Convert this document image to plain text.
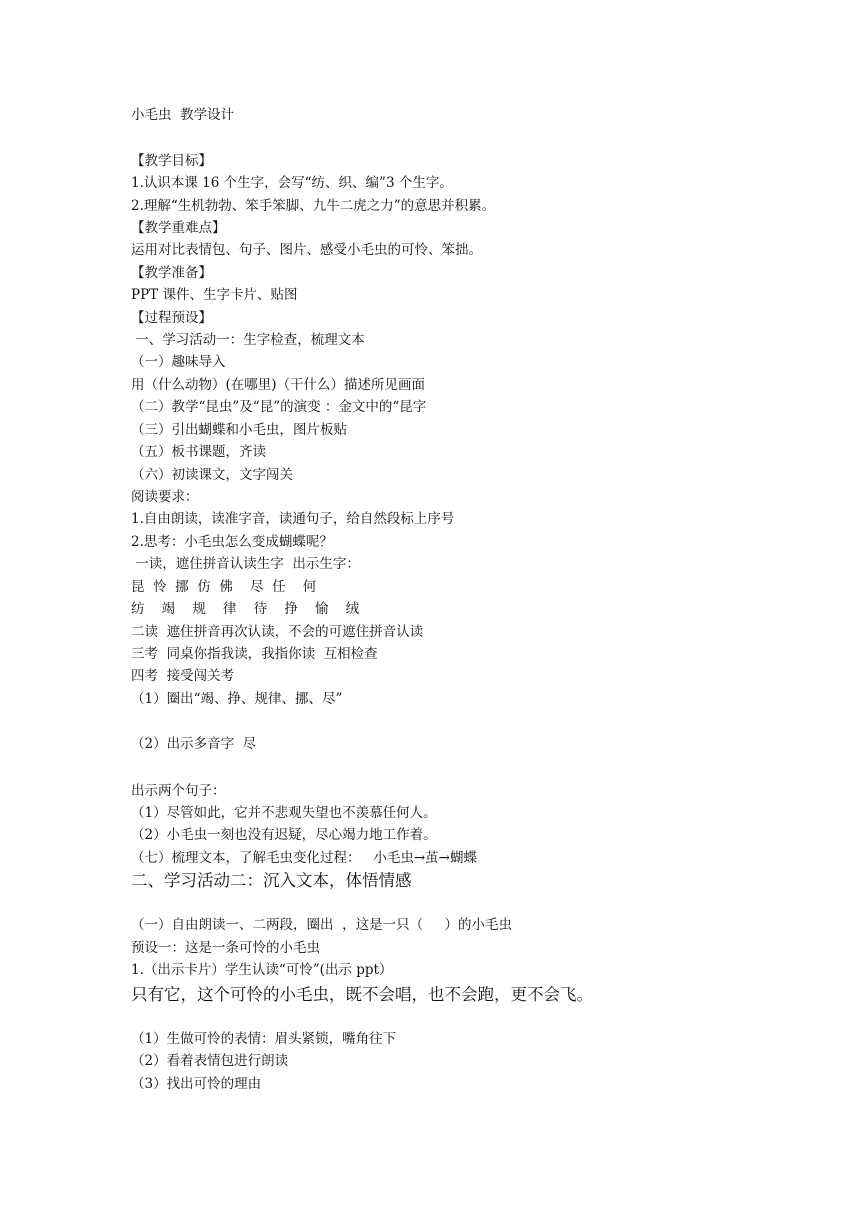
小毛虫  教学设计
【教学目标】
1.认识本课 16 个生字，会写“纺、织、编”3 个生字。
2.理解“生机勃勃、笨手笨脚、九牛二虎之力”的意思并积累。
【教学重难点】
运用对比表情包、句子、图片、感受小毛虫的可怜、笨拙。
【教学准备】
PPT 课件、生字卡片、贴图
【过程预设】
一、学习活动一：生字检查，梳理文本
（一）趣味导入
用（什么动物）(在哪里)（干什么）描述所见画面
（二）教学“昆虫”及“昆”的演变 ：金文中的“昆字
（三）引出蝴蝶和小毛虫，图片板贴
（五）板书课题，齐读
（六）初读课文，文字闯关
阅读要求：
1.自由朗读，读准字音，读通句子，给自然段标上序号
2.思考：小毛虫怎么变成蝴蝶呢？
一读，遮住拼音认读生字  出示生字：
昆  怜  挪  仿  佛    尽  任    何
纺    竭    规    律    待    挣    愉    绒
二读  遮住拼音再次认读，不会的可遮住拼音认读
三考  同桌你指我读，我指你读  互相检查
四考  接受闯关考
（1）圈出“竭、挣、规律、挪、尽”
（2）出示多音字  尽
出示两个句子：
（1）尽管如此，它并不悲观失望也不羡慕任何人。
（2）小毛虫一刻也没有迟疑，尽心竭力地工作着。
（七）梳理文本，了解毛虫变化过程：   小毛虫→茧→蝴蝶
二、学习活动二：沉入文本，体悟情感
（一）自由朗读一、二两段，圈出  ，这是一只（     ）的小毛虫
预设一：这是一条可怜的小毛虫
1.（出示卡片）学生认读“可怜”(出示 ppt）
只有它，这个可怜的小毛虫，既不会唱，也不会跑，更不会飞。
（1）生做可怜的表情：眉头紧锁，嘴角往下
（2）看着表情包进行朗读
（3）找出可怜的理由
